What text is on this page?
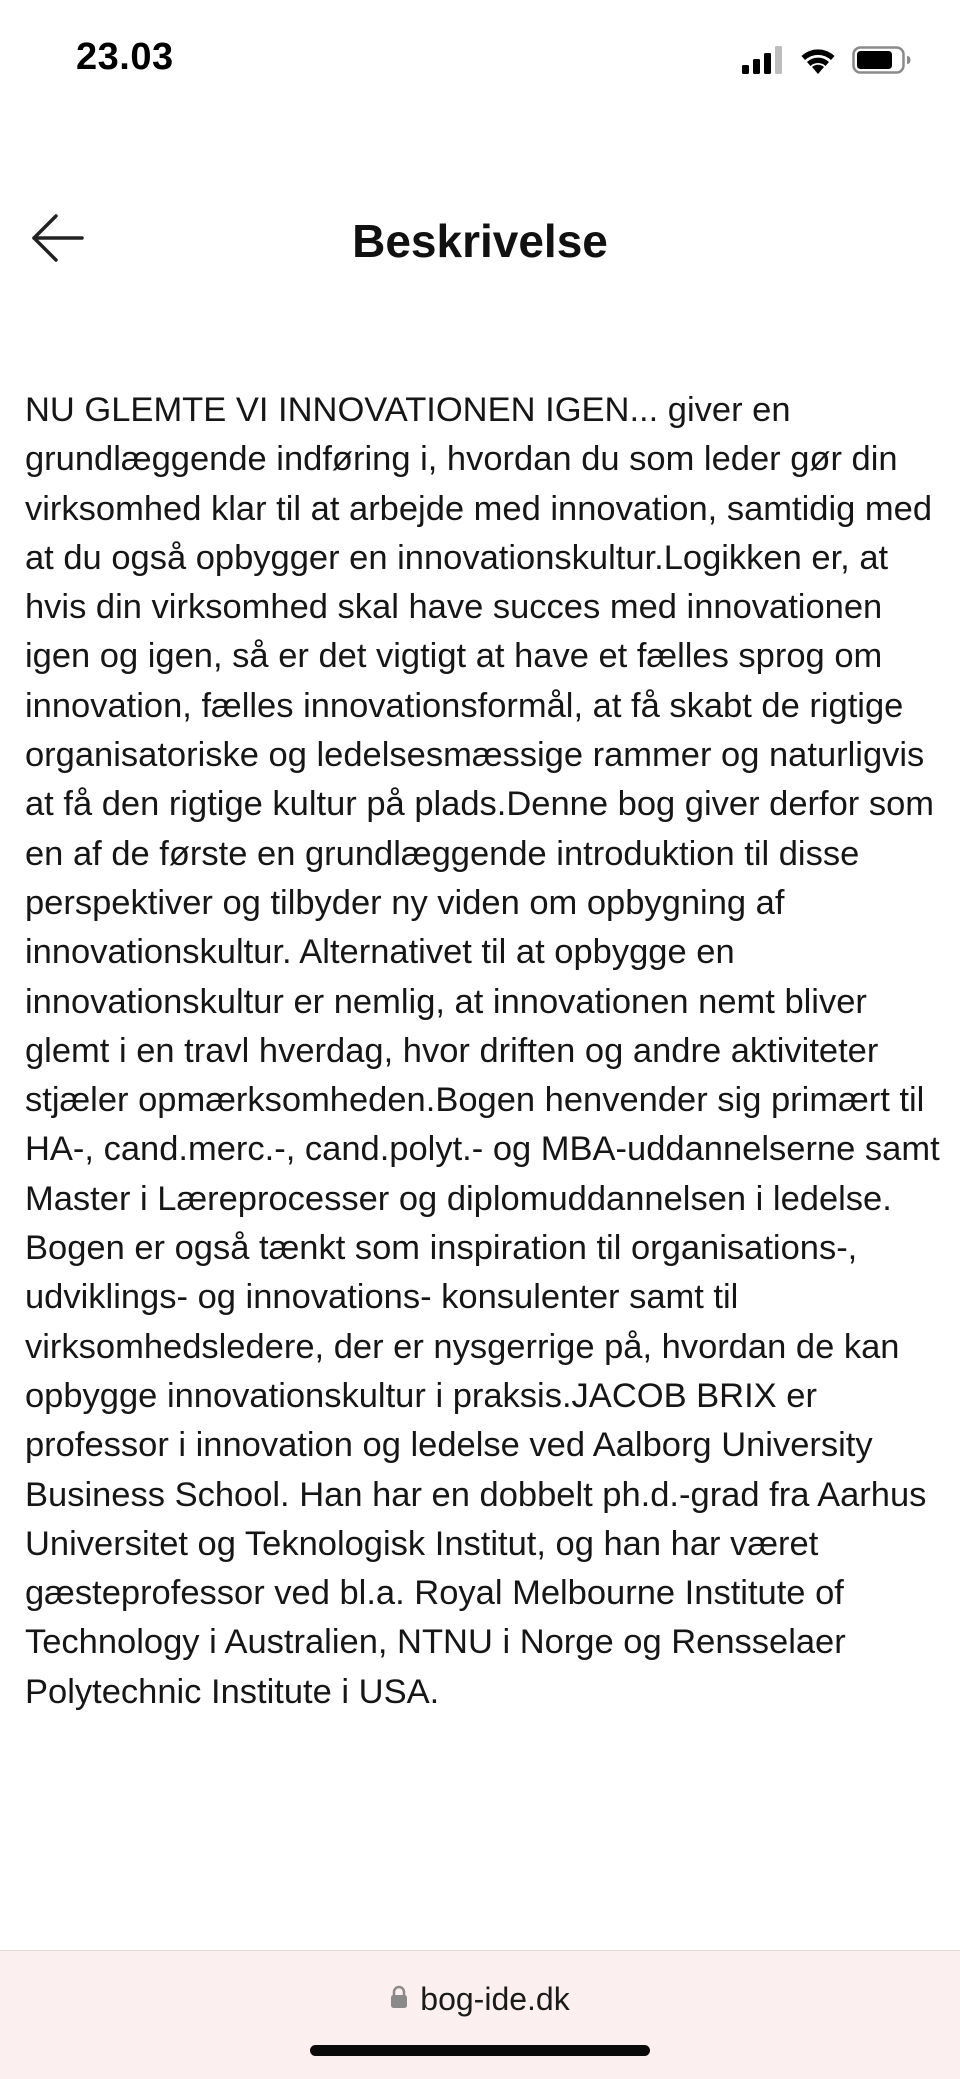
23.03
Beskrivelse

NU GLEMTE VI INNOVATIONEN IGEN... giver en grundlæggende indføring i, hvordan du som leder gør din virksomhed klar til at arbejde med innovation, samtidig med at du også opbygger en innovationskultur.Logikken er, at hvis din virksomhed skal have succes med innovationen igen og igen, så er det vigtigt at have et fælles sprog om innovation, fælles innovationsformål, at få skabt de rigtige organisatoriske og ledelsesmæssige rammer og naturligvis at få den rigtige kultur på plads.Denne bog giver derfor som en af de første en grundlæggende introduktion til disse perspektiver og tilbyder ny viden om opbygning af innovationskultur. Alternativet til at opbygge en innovationskultur er nemlig, at innovationen nemt bliver glemt i en travl hverdag, hvor driften og andre aktiviteter stjæler opmærksomheden.Bogen henvender sig primært til HA-, cand.merc.-, cand.polyt.- og MBA-uddannelserne samt Master i Læreprocesser og diplomuddannelsen i ledelse. Bogen er også tænkt som inspiration til organisations-, udviklings- og innovations- konsulenter samt til virksomhedsledere, der er nysgerrige på, hvordan de kan opbygge innovationskultur i praksis.JACOB BRIX er professor i innovation og ledelse ved Aalborg University Business School. Han har en dobbelt ph.d.-grad fra Aarhus Universitet og Teknologisk Institut, og han har været gæsteprofessor ved bl.a. Royal Melbourne Institute of Technology i Australien, NTNU i Norge og Rensselaer Polytechnic Institute i USA.

bog-ide.dk
